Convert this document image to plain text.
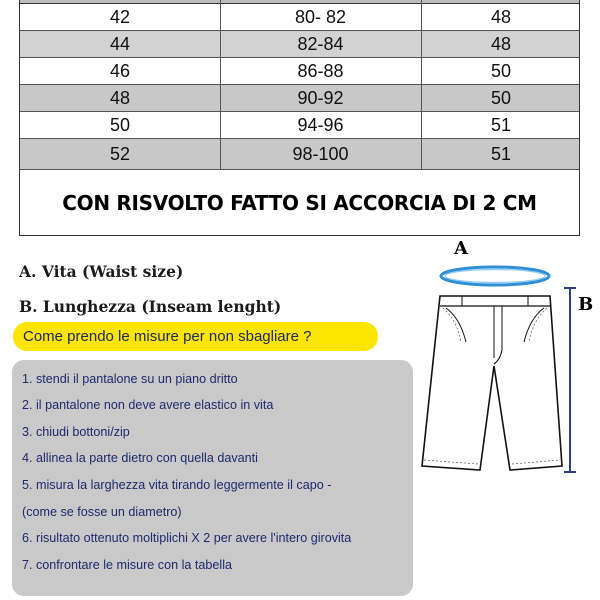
42	80- 82	48
44	82-84	48
46	86-88	50
48	90-92	50
50	94-96	51
52	98-100	51
CON RISVOLTO FATTO SI ACCORCIA DI 2 CM
A. Vita (Waist size)
B. Lunghezza (Inseam lenght)
Come prendo le misure per non sbagliare ?
1. stendi il pantalone su un piano dritto
2. il pantalone non deve avere elastico in vita
3. chiudi bottoni/zip
4. allinea la parte dietro con quella davanti
5. misura la larghezza vita tirando leggermente il capo -
(come se fosse un diametro)
6. risultato ottenuto moltiplichi X 2 per avere l'intero girovita
7. confrontare le misure con la tabella
A
B
